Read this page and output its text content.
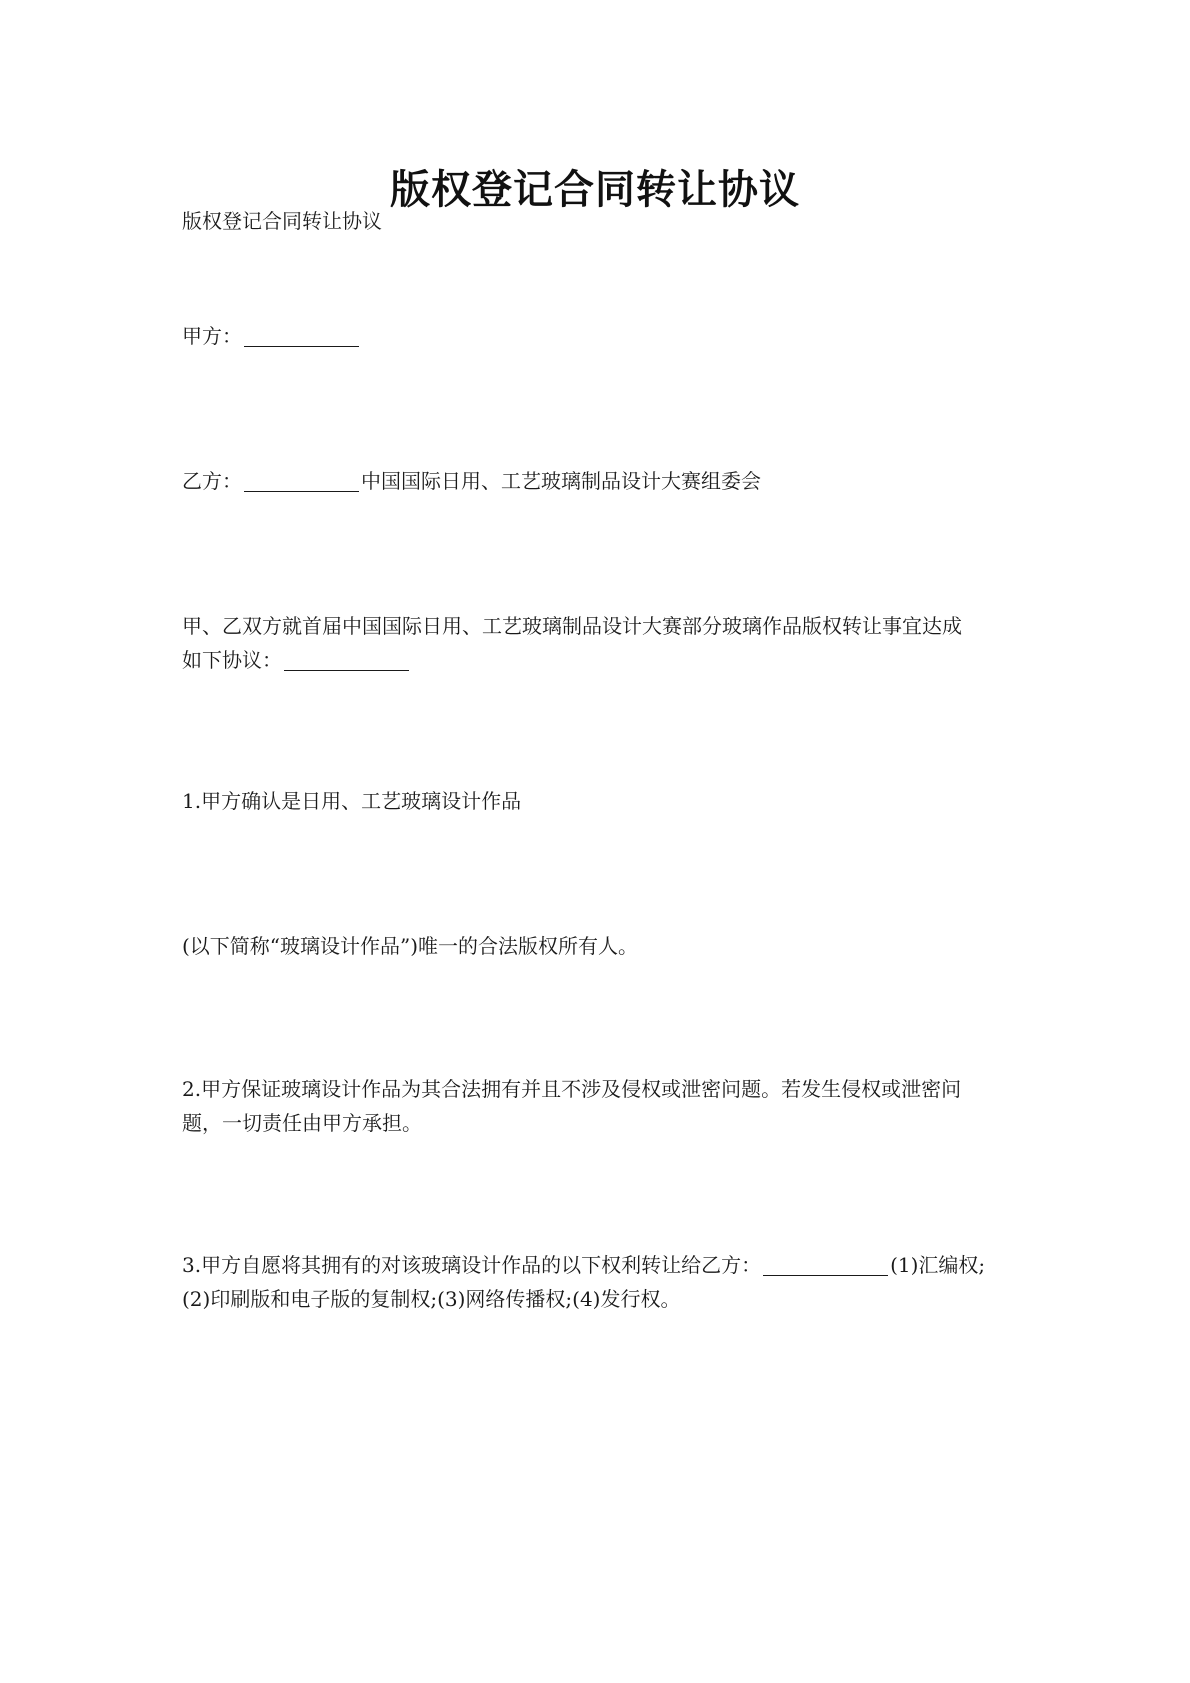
版权登记合同转让协议
版权登记合同转让协议
甲方：
乙方：	中国国际日用、工艺玻璃制品设计大赛组委会
甲、乙双方就首届中国国际日用、工艺玻璃制品设计大赛部分玻璃作品版权转让事宜达成
如下协议：
1.甲方确认是日用、工艺玻璃设计作品
(以下简称“玻璃设计作品”)唯一的合法版权所有人。
2.甲方保证玻璃设计作品为其合法拥有并且不涉及侵权或泄密问题。若发生侵权或泄密问
题，一切责任由甲方承担。
3.甲方自愿将其拥有的对该玻璃设计作品的以下权利转让给乙方：	(1)汇编权;
(2)印刷版和电子版的复制权;(3)网络传播权;(4)发行权。
